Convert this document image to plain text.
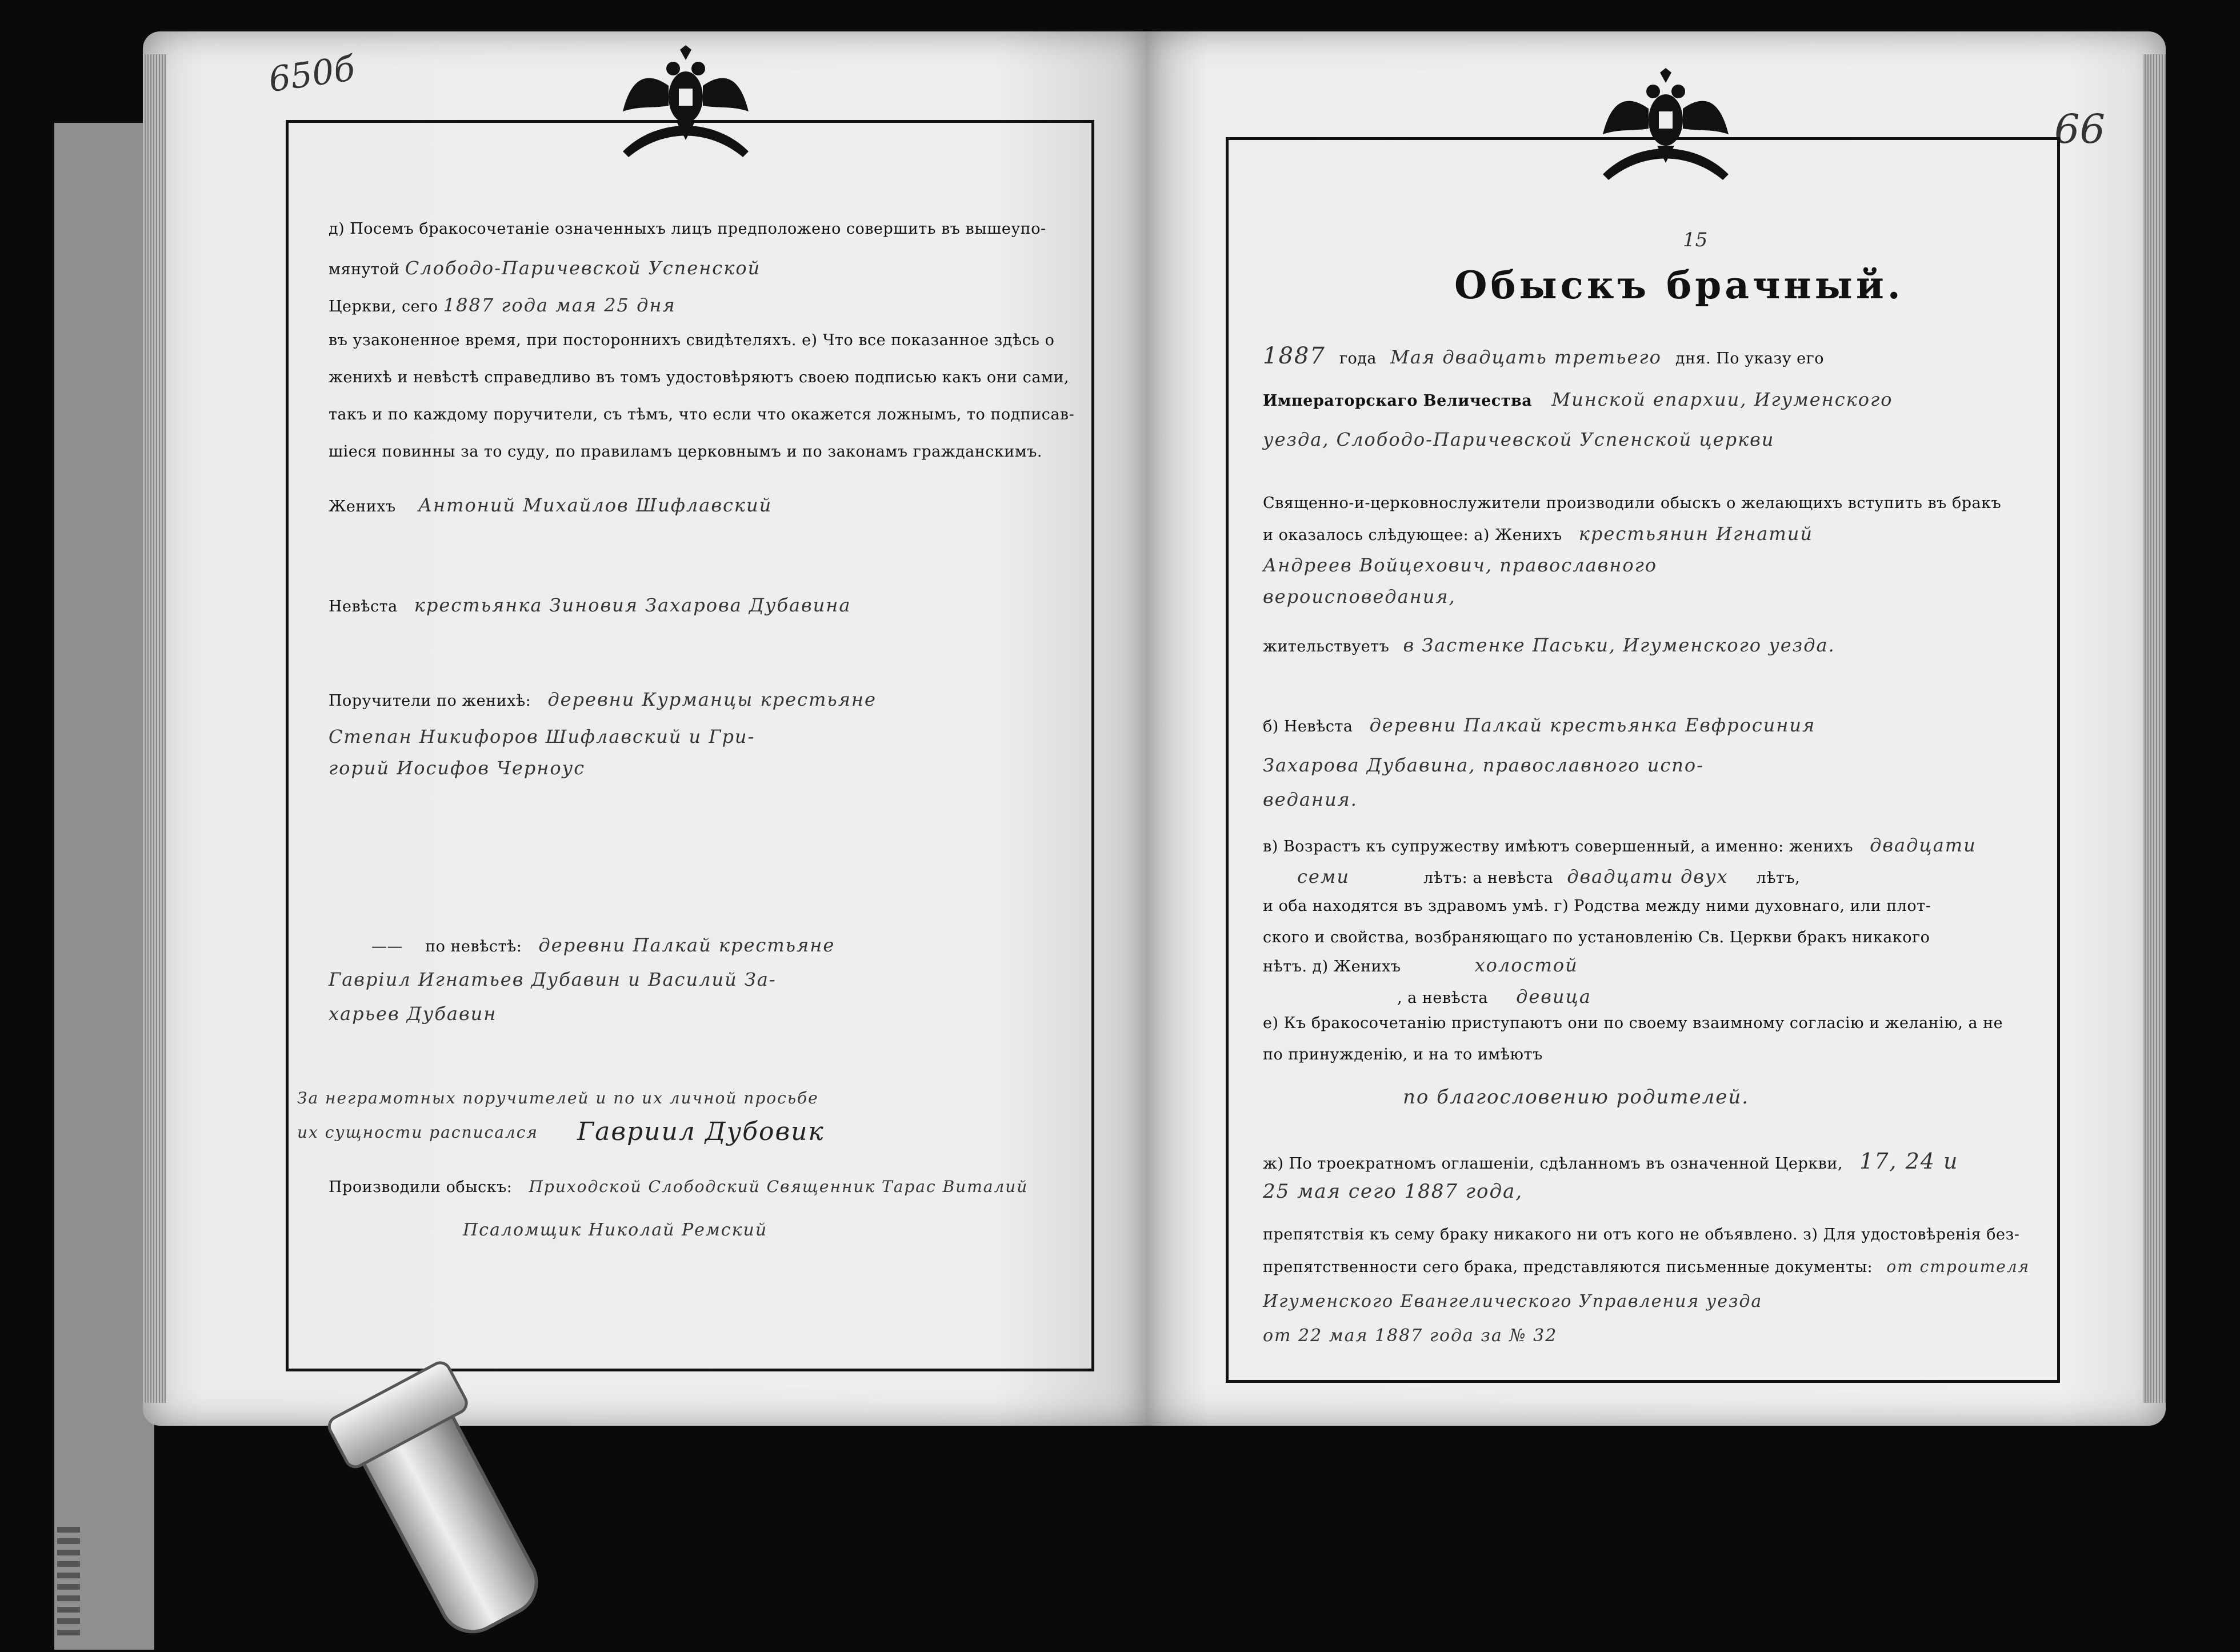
650б
д) Посемъ бракосочетанiе означенныхъ лицъ предположено совершить въ вышеупо-
мянутой Слободо-Паричевской Успенской
Церкви, сего 1887 года мая 25 дня
въ узаконенное время, при постороннихъ свидѣтеляхъ. е) Что все показанное здѣсь о
женихѣ и невѣстѣ справедливо въ томъ удостовѣряютъ своею подписью какъ они сами,
такъ и по каждому поручители, съ тѣмъ, что если что окажется ложнымъ, то подписав-
шiеся повинны за то суду, по правиламъ церковнымъ и по законамъ гражданскимъ.
Женихъ Антоний Михайлов Шифлавский
Невѣста крестьянка Зиновия Захарова Дубавина
Поручители по женихѣ: деревни Курманцы крестьяне
Степан Никифоров Шифлавский и Гри-
горий Иосифов Черноус
—— по невѣстѣ: деревни Палкай крестьяне
Гаврiил Игнатьев Дубавин и Василий За-
харьев Дубавин
За неграмотных поручителей и по их личной просьбе
их сущности расписался Гавриил Дубовик
Производили обыскъ: Приходской Слободский Священник Тарас Виталий
Псаломщик Николай Ремский
66
15
Обыскъ брачный.
1887 года Мая двадцать третьего дня. По указу его
Императорскаго Величества Минской епархии, Игуменского
уезда, Слободо-Паричевской Успенской церкви
Священно-и-церковнослужители производили обыскъ о желающихъ вступить въ бракъ
и оказалось слѣдующее: а) Женихъ крестьянин Игнатий
Андреев Войцехович, православного
вероисповедания,
жительствуетъ в Застенке Паськи, Игуменского уезда.
б) Невѣста деревни Палкай крестьянка Евфросиния
Захарова Дубавина, православного испо-
ведания.
в) Возрастъ къ супружеству имѣютъ совершенный, а именно: женихъ двадцати
семи	лѣтъ: а невѣста двадцати двух лѣтъ,
и оба находятся въ здравомъ умѣ. г) Родства между ними духовнаго, или плот-
ского и свойства, возбраняющаго по установленiю Св. Церкви бракъ никакого
нѣтъ. д) Женихъ	холостой
, а невѣста девица
е) Къ бракосочетанiю приступаютъ они по своему взаимному согласiю и желанiю, а не
по принужденiю, и на то имѣютъ
по благословению родителей.
ж) По троекратномъ оглашенiи, сдѣланномъ въ означенной Церкви, 17, 24 и
25 мая сего 1887 года,
препятствiя къ сему браку никакого ни отъ кого не объявлено. з) Для удостовѣренiя без-
препятственности сего брака, представляются письменные документы: от строителя
Игуменского Евангелического Управления уезда
от 22 мая 1887 года за № 32
